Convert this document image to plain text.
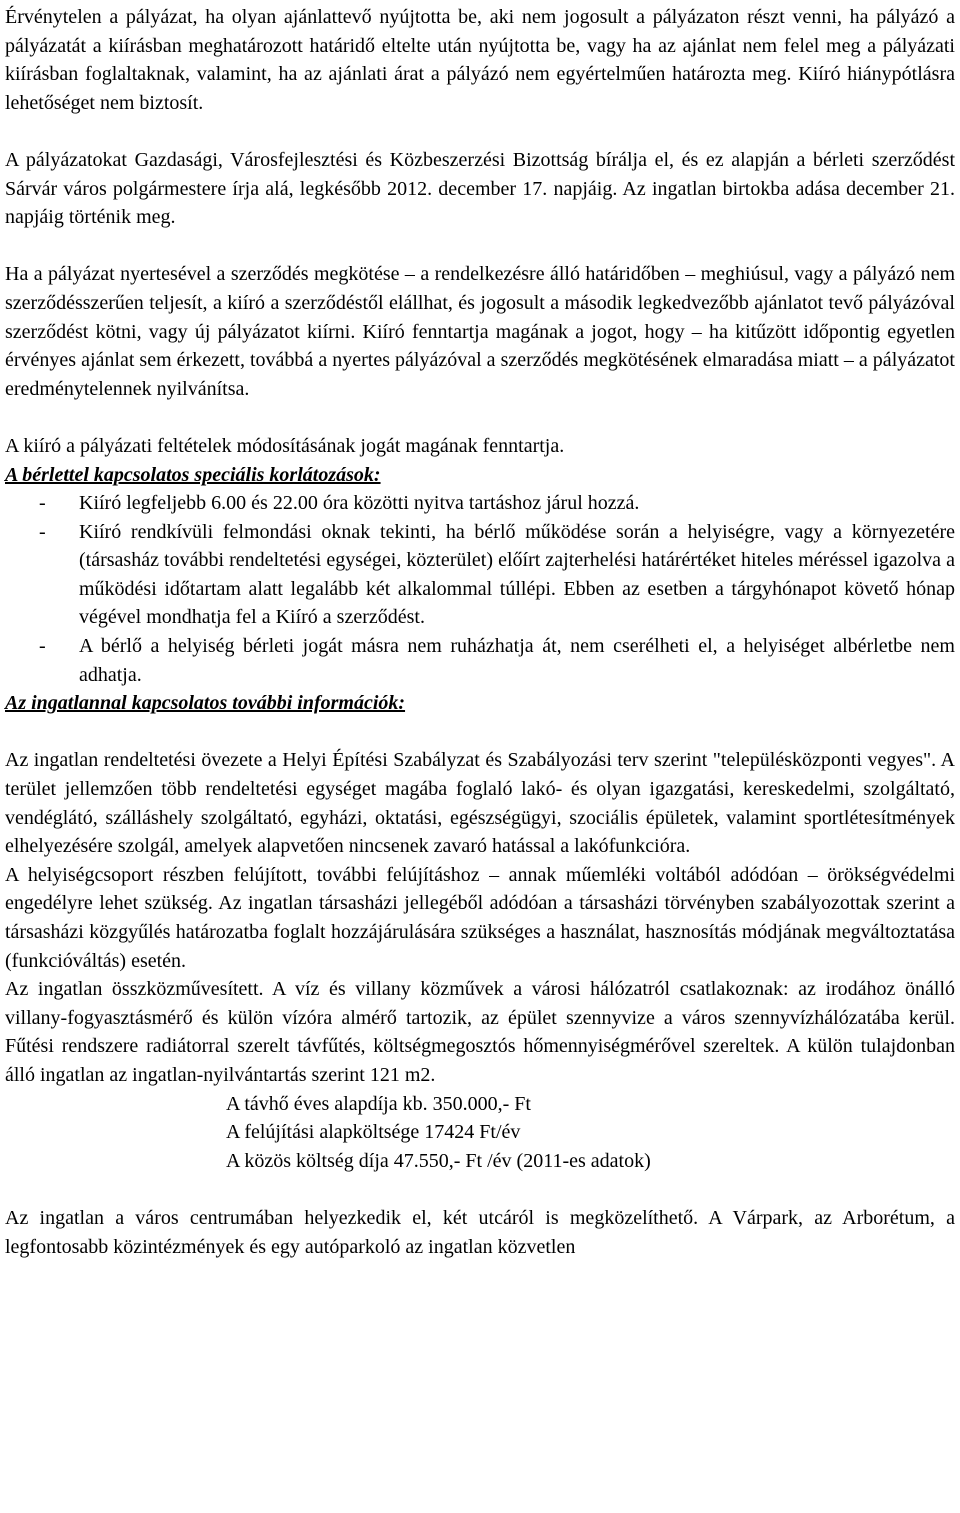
Érvénytelen a pályázat, ha olyan ajánlattevő nyújtotta be, aki nem jogosult a pályázaton részt venni, ha pályázó a pályázatát a kiírásban meghatározott határidő eltelte után nyújtotta be, vagy ha az ajánlat nem felel meg a pályázati kiírásban foglaltaknak, valamint, ha az ajánlati árat a pályázó nem egyértelműen határozta meg. Kiíró hiánypótlásra lehetőséget nem biztosít.

A pályázatokat Gazdasági, Városfejlesztési és Közbeszerzési Bizottság bírálja el, és ez alapján a bérleti szerződést Sárvár város polgármestere írja alá, legkésőbb 2012. december 17. napjáig. Az ingatlan birtokba adása december 21. napjáig történik meg.

Ha a pályázat nyertesével a szerződés megkötése – a rendelkezésre álló határidőben – meghiúsul, vagy a pályázó nem szerződésszerűen teljesít, a kiíró a szerződéstől elállhat, és jogosult a második legkedvezőbb ajánlatot tevő pályázóval szerződést kötni, vagy új pályázatot kiírni. Kiíró fenntartja magának a jogot, hogy – ha kitűzött időpontig egyetlen érvényes ajánlat sem érkezett, továbbá a nyertes pályázóval a szerződés megkötésének elmaradása miatt – a pályázatot eredménytelennek nyilvánítsa.

A kiíró a pályázati feltételek módosításának jogát magának fenntartja.

A bérlettel kapcsolatos speciális korlátozások:

- Kiíró legfeljebb 6.00 és 22.00 óra közötti nyitva tartáshoz járul hozzá.
- Kiíró rendkívüli felmondási oknak tekinti, ha bérlő működése során a helyiségre, vagy a környezetére (társasház további rendeltetési egységei, közterület) előírt zajterhelési határértéket hiteles méréssel igazolva a működési időtartam alatt legalább két alkalommal túllépi. Ebben az esetben a tárgyhónapot követő hónap végével mondhatja fel a Kiíró a szerződést.
- A bérlő a helyiség bérleti jogát másra nem ruházhatja át, nem cserélheti el, a helyiséget albérletbe nem adhatja.

Az ingatlannal kapcsolatos további információk:

Az ingatlan rendeltetési övezete a Helyi Építési Szabályzat és Szabályozási terv szerint "településközponti vegyes". A terület jellemzően több rendeltetési egységet magába foglaló lakó- és olyan igazgatási, kereskedelmi, szolgáltató, vendéglátó, szálláshely szolgáltató, egyházi, oktatási, egészségügyi, szociális épületek, valamint sportlétesítmények elhelyezésére szolgál, amelyek alapvetően nincsenek zavaró hatással a lakófunkcióra.

A helyiségcsoport részben felújított, további felújításhoz – annak műemléki voltából adódóan – örökségvédelmi engedélyre lehet szükség. Az ingatlan társasházi jellegéből adódóan a társasházi törvényben szabályozottak szerint a társasházi közgyűlés határozatba foglalt hozzájárulására szükséges a használat, hasznosítás módjának megváltoztatása (funkcióváltás) esetén.

Az ingatlan összközművesített. A víz és villany közművek a városi hálózatról csatlakoznak: az irodához önálló villany-fogyasztásmérő és külön vízóra almérő tartozik, az épület szennyvize a város szennyvízhálózatába kerül. Fűtési rendszere radiátorral szerelt távfűtés, költségmegosztós hőmennyiségmérővel szereltek. A külön tulajdonban álló ingatlan az ingatlan-nyilvántartás szerint 121 m2.

A távhő éves alapdíja kb. 350.000,- Ft

A felújítási alapköltsége 17424 Ft/év

A közös költség díja 47.550,- Ft /év (2011-es adatok)

Az ingatlan a város centrumában helyezkedik el, két utcáról is megközelíthető. A Várpark, az Arborétum, a legfontosabb közintézmények és egy autóparkoló az ingatlan közvetlen
